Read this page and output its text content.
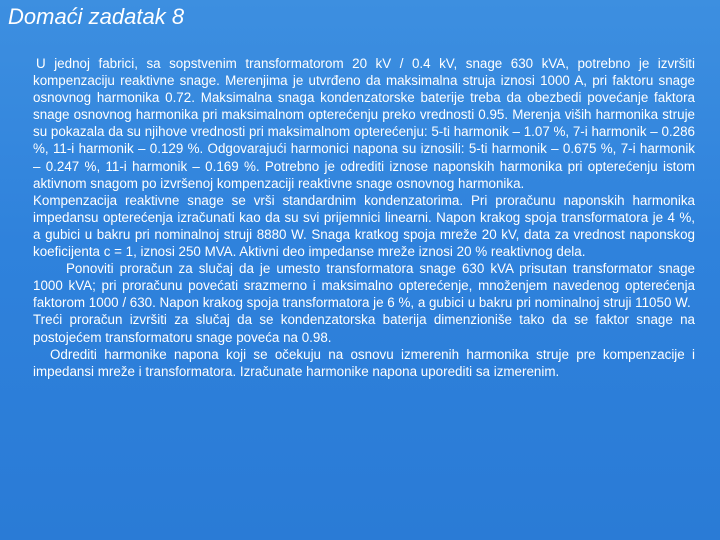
Domaći zadatak 8

U jednoj fabrici, sa sopstvenim transformatorom 20 kV / 0.4 kV, snage 630 kVA, potrebno je izvršiti kompenzaciju reaktivne snage. Merenjima je utvrđeno da maksimalna struja iznosi 1000 A, pri faktoru snage osnovnog harmonika 0.72. Maksimalna snaga kondenzatorske baterije treba da obezbedi povećanje faktora snage osnovnog harmonika pri maksimalnom opterećenju preko vrednosti 0.95. Merenja viših harmonika struje su pokazala da su njihove vrednosti pri maksimalnom opterećenju: 5-ti harmonik – 1.07 %, 7-i harmonik – 0.286 %, 11-i harmonik – 0.129 %. Odgovarajući harmonici napona su iznosili: 5-ti harmonik – 0.675 %, 7-i harmonik – 0.247 %, 11-i harmonik – 0.169 %. Potrebno je odrediti iznose naponskih harmonika pri opterećenju istom aktivnom snagom po izvršenoj kompenzaciji reaktivne snage osnovnog harmonika.

Kompenzacija reaktivne snage se vrši standardnim kondenzatorima. Pri proračunu naponskih harmonika impedansu opterećenja izračunati kao da su svi prijemnici linearni. Napon krakog spoja transformatora je 4 %, a gubici u bakru pri nominalnoj struji 8880 W. Snaga kratkog spoja mreže 20 kV, data za vrednost naponskog koeficijenta c = 1, iznosi 250 MVA. Aktivni deo impedanse mreže iznosi 20 % reaktivnog dela.

Ponoviti proračun za slučaj da je umesto transformatora snage 630 kVA prisutan transformator snage 1000 kVA; pri proračunu povećati srazmerno i maksimalno opterećenje, množenjem navedenog opterećenja faktorom 1000 / 630. Napon krakog spoja transformatora je 6 %, a gubici u bakru pri nominalnoj struji 11050 W.

Treći proračun izvršiti za slučaj da se kondenzatorska baterija dimenzioniše tako da se faktor snage na postojećem transformatoru snage poveća na 0.98.

Odrediti harmonike napona koji se očekuju na osnovu izmerenih harmonika struje pre kompenzacije i impedansi mreže i transformatora. Izračunate harmonike napona uporediti sa izmerenim.
